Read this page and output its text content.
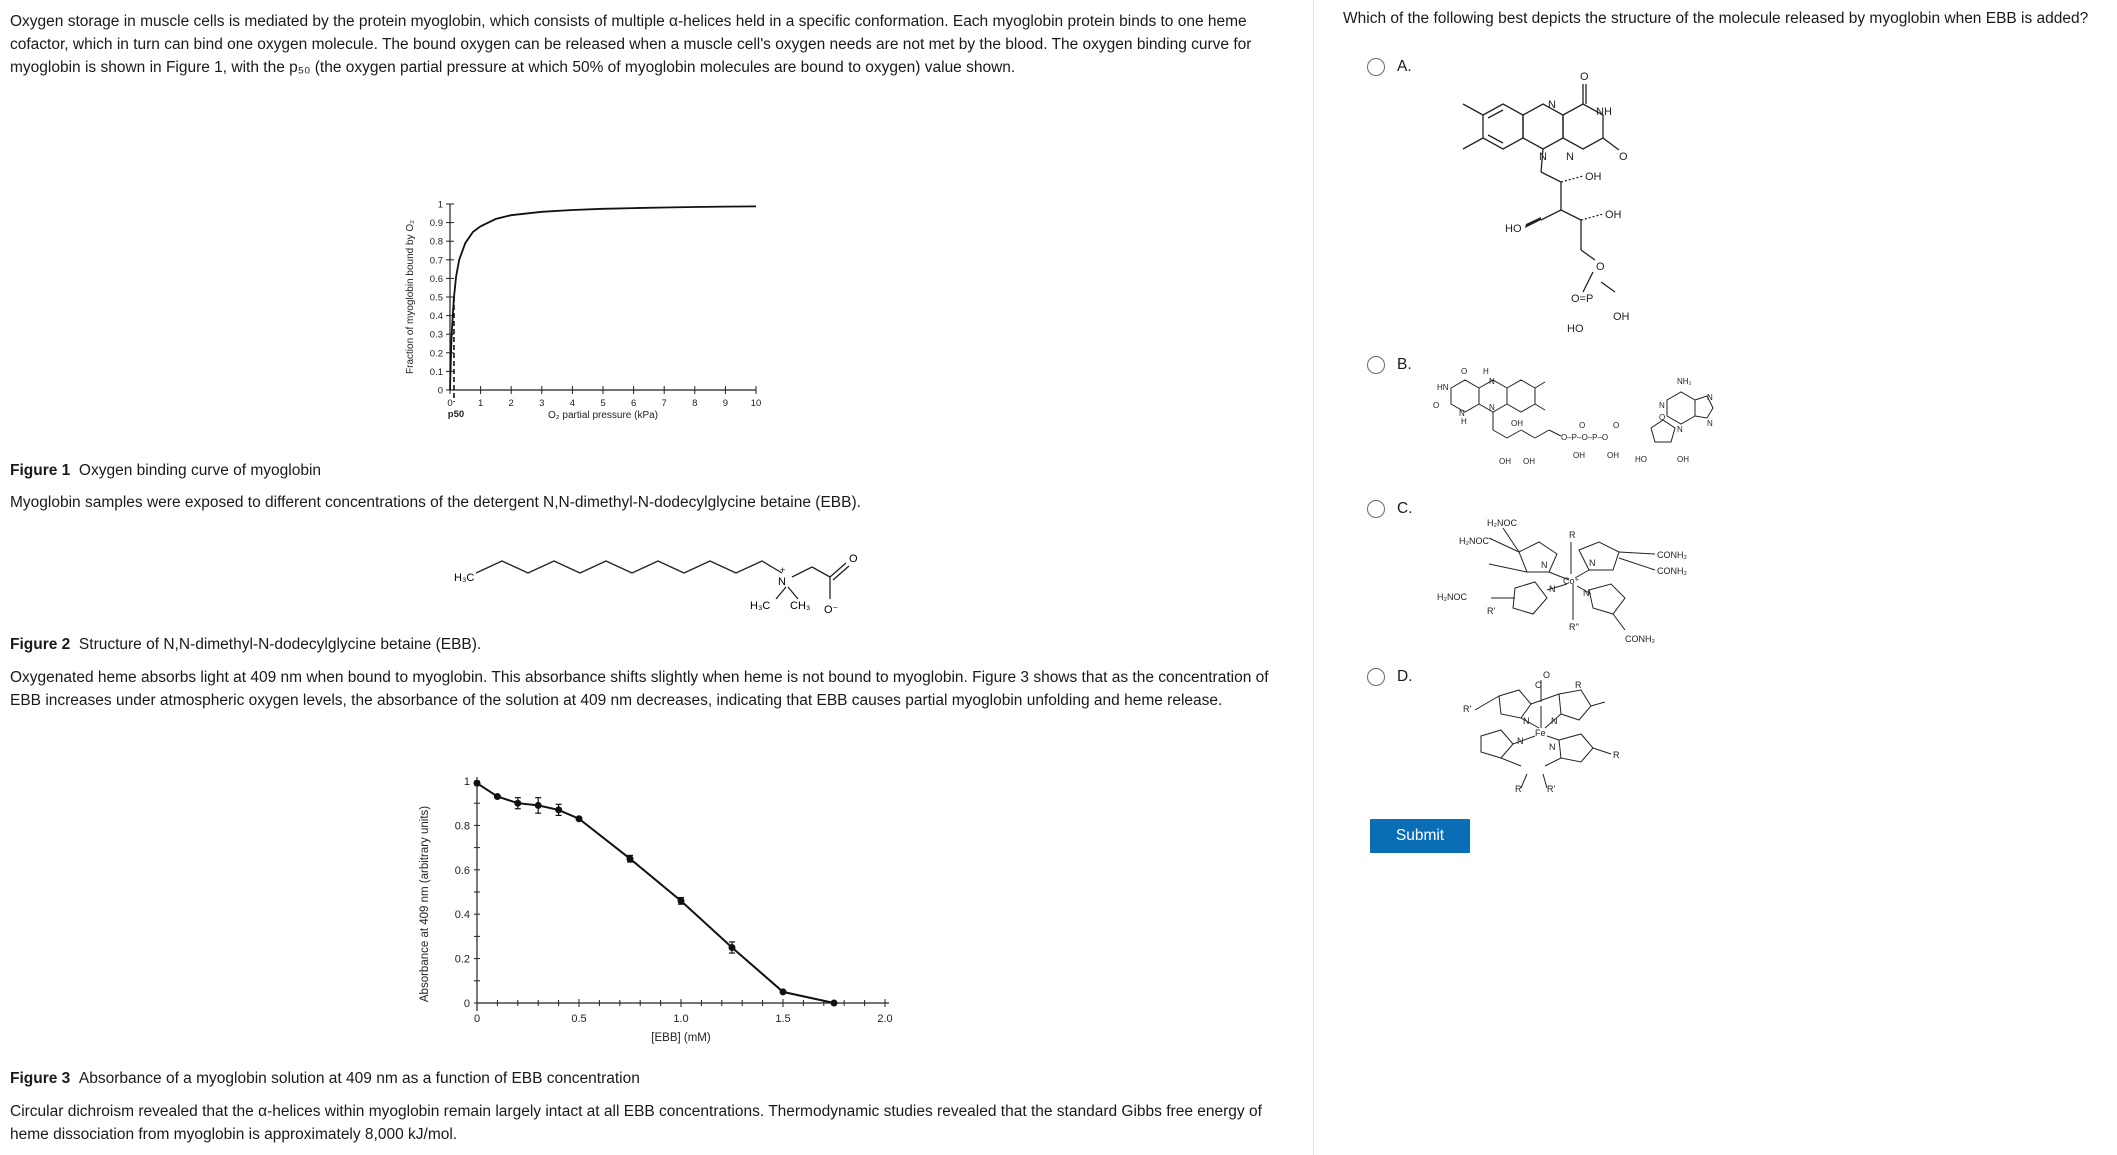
Oxygen storage in muscle cells is mediated by the protein myoglobin, which consists of multiple α-helices held in a specific conformation. Each myoglobin protein binds to one heme cofactor, which in turn can bind one oxygen molecule. The bound oxygen can be released when a muscle cell's oxygen needs are not met by the blood. The oxygen binding curve for myoglobin is shown in Figure 1, with the p₅₀ (the oxygen partial pressure at which 50% of myoglobin molecules are bound to oxygen) value shown.

0	1	2	3	4	5	6	7	8	9 10
0
0.1
0.2
0.3
0.4
0.5
0.6
0.7
0.8
0.9
1
p50	O₂ partial pressure (kPa)
Fraction of myoglobin bound by O₂

Figure 1 Oxygen binding curve of myoglobin

Myoglobin samples were exposed to different concentrations of the detergent N,N-dimethyl-N-dodecylglycine betaine (EBB).

H₃C	N
+
H₃C CH₃
O
O⁻

Figure 2 Structure of N,N-dimethyl-N-dodecylglycine betaine (EBB).

Oxygenated heme absorbs light at 409 nm when bound to myoglobin. This absorbance shifts slightly when heme is not bound to myoglobin. Figure 3 shows that as the concentration of EBB increases under atmospheric oxygen levels, the absorbance of the solution at 409 nm decreases, indicating that EBB causes partial myoglobin unfolding and heme release.

0	0.5	1.0	1.5	2.0
0
0.2
0.4
0.6
0.8
1
[EBB] (mM)
Absorbance at 409 nm (arbitrary units)

Figure 3 Absorbance of a myoglobin solution at 409 nm as a function of EBB concentration

Circular dichroism revealed that the α-helices within myoglobin remain largely intact at all EBB concentrations. Thermodynamic studies revealed that the standard Gibbs free energy of heme dissociation from myoglobin is approximately 8,000 kJ/mol.

Which of the following best depicts the structure of the molecule released by myoglobin when EBB is added?
A.
N
N N
O
NH
O
OH
OH
HO
O
O=P
OH
HO
B.	O H
HN
N
O
N
H
N
OH
O–P–O–P–O
O	O
OH	OH
OH OH
NH₂
HO	OH
N
N
N
N
O
C.
H₂NOC
H₂NOC
H₂NOC
R
R'
R''
N	N
N	N
Co⁺
CONH₂
CONH₂
CONH₂
D.	O
O	R
R'
R
R	R'
N N
N
N
Fe
Submit
